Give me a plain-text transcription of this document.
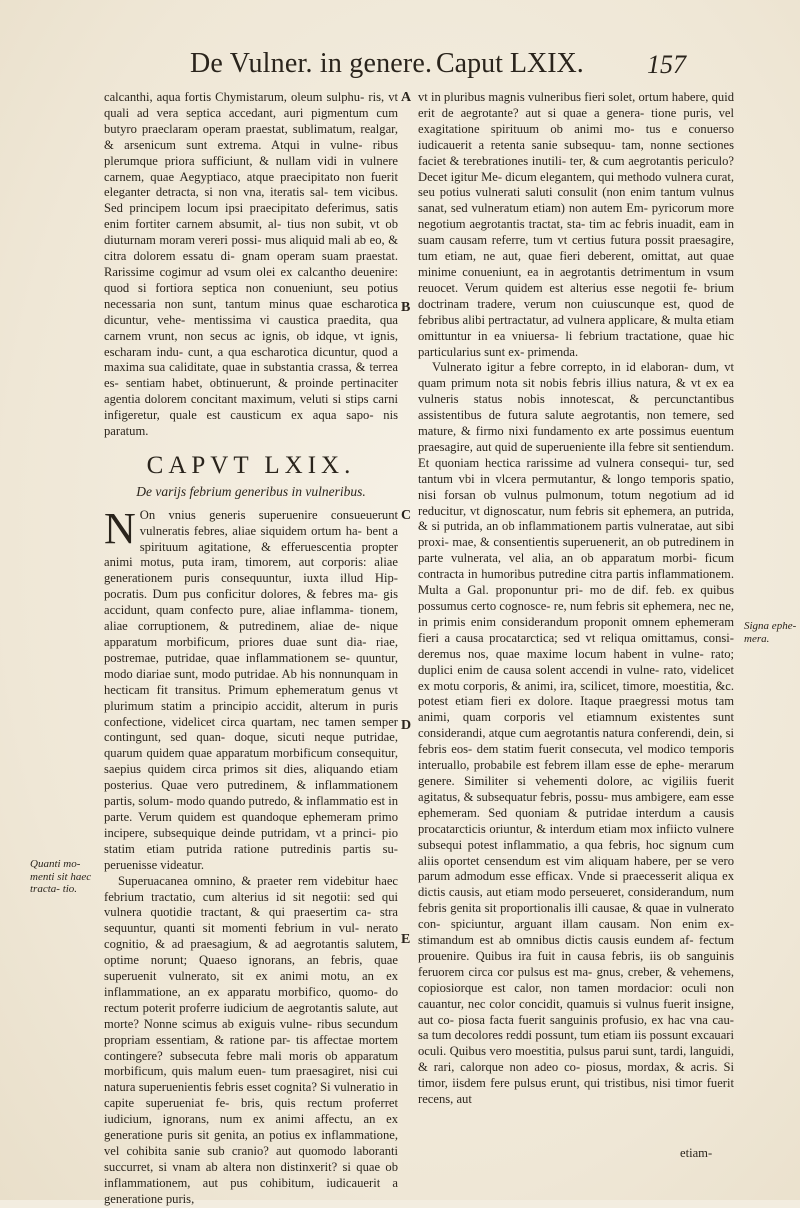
De Vulner. in genere. Caput LXIX. 157

calcanthi, aqua fortis Chymistarum, oleum sulphu- ris, vt quali ad vera septica accedant, auri pigmentum cum butyro praeclaram operam praestat, sublimatum, realgar, & arsenicum sunt extrema. Atqui in vulne- ribus plerumque priora sufficiunt, & nullam vidi in vulnere carnem, quae Aegyptiaco, atque praecipitato non fuerit eleganter detracta, si non vna, iteratis sal- tem vicibus. Sed principem locum ipsi praecipitato deferimus, satis enim fortiter carnem absumit, al- tius non subit, vt ob diuturnam moram vereri possi- mus aliquid mali ab eo, & citra dolorem essatu di- gnam operam suam praestat. Rarissime cogimur ad vsum olei ex calcantho deuenire: quod si fortiora septica non conueniunt, seu potius necessaria non sunt, tantum minus quae escharotica dicuntur, vehe- mentissima vi caustica praedita, qua carnem vrunt, non secus ac ignis, ob idque, vt ignis, escharam indu- cunt, a qua escharotica dicuntur, quod a maxima sua caliditate, quae in substantia crassa, & terrea es- sentiam habet, obtinuerunt, & proinde pertinaciter agentia dolorem concitant maximum, veluti si stips carni infigeretur, quale est causticum ex aqua sapo- nis paratum.

CAPVT LXIX.
De varijs febrium generibus in vulneribus.

N On vnius generis superuenire consueuerunt vulneratis febres, aliae siquidem ortum ha- bent a spirituum agitatione, & efferuescentia propter animi motus, puta iram, timorem, aut corporis: aliae generationem puris consequuntur, iuxta illud Hip- pocratis. Dum pus conficitur dolores, & febres ma- gis accidunt, quam confecto pure, aliae inflamma- tionem, aliae corruptionem, & putredinem, aliae de- nique apparatum morbificum, priores duae sunt dia- riae, postremae, putridae, quae inflammationem se- quuntur, modo diariae sunt, modo putridae. Ab his nonnunquam in hecticam fit transitus. Primum ephemeratum genus vt plurimum statim a principio accidit, alterum in puris confectione, videlicet circa quartam, nec tamen semper contingunt, sed quan- doque, sicuti neque putridae, quarum quidem quae apparatum morbificum consequitur, saepius quidem circa primos sit dies, aliquando etiam posterius. Quae vero putredinem, & inflammationem partis, solum- modo quando putredo, & inflammatio est in parte. Verum quidem est quandoque ephemeram primo incipere, subsequique deinde putridam, vt a princi- pio statim etiam putrida ratione putredinis partis su- peruenisse videatur.

Superuacanea omnino, & praeter rem videbitur haec febrium tractatio, cum alterius id sit negotii: sed qui vulnera quotidie tractant, & qui praesertim ca- stra sequuntur, quanti sit momenti febrium in vul- nerato cognitio, & ad praesagium, & ad aegrotantis salutem, optime norunt; Quaeso ignorans, an febris, quae superuenit vulnerato, sit ex animi motu, an ex inflammatione, an ex apparatu morbifico, quomo- do rectum poterit proferre iudicium de aegrotantis salute, aut morte? Nonne scimus ab exiguis vulne- ribus secundum propriam essentiam, & ratione par- tis affectae mortem contingere? subsecuta febre mali moris ob apparatum morbificum, quis malum euen- tum praesagiret, nisi cui natura superuenientis febris esset cognita? Si vulneratio in capite superueniat fe- bris, quis rectum proferret iudicium, ignorans, num ex animi affectu, an ex generatione puris sit genita, an potius ex inflammatione, vel cohibita sanie sub cranio? aut quomodo laboranti succurret, si vnam ab altera non distinxerit? si quae ob inflammationem, aut pus cohibitum, iudicauerit a generatione puris,

vt in pluribus magnis vulneribus fieri solet, ortum habere, quid erit de aegrotante? aut si quae a genera- tione puris, vel exagitatione spirituum ob animi mo- tus e conuerso iudicauerit a retenta sanie subsequu- tam, nonne sectiones faciet & terebrationes inutili- ter, & cum aegrotantis periculo? Decet igitur Me- dicum elegantem, qui methodo vulnera curat, seu potius vulnerati saluti consulit (non enim tantum vulnus sanat, sed vulneratum etiam) non autem Em- pyricorum more negotium aegrotantis tractat, sta- tim ac febris inuadit, eam in suam causam referre, tum vt certius futura possit praesagire, tum etiam, ne aut, quae fieri deberent, omittat, aut quae minime conueniunt, ea in aegrotantis detrimentum in vsum reuocet. Verum quidem est alterius esse negotii fe- brium doctrinam tradere, verum non cuiuscunque est, quod de febribus alibi pertractatur, ad vulnera applicare, & multa etiam omittuntur in ea vniuersa- li febrium tractatione, quae hic particularius sunt ex- primenda.

Vulnerato igitur a febre correpto, in id elaboran- dum, vt quam primum nota sit nobis febris illius natura, & vt ex ea vulneris status nobis innotescat, & percunctantibus assistentibus de futura salute aegrotantis, non temere, sed mature, & firmo nixi fundamento ex arte possimus euentum praesagire, aut quid de superueniente illa febre sit sentiendum. Et quoniam hectica rarissime ad vulnera consequi- tur, sed tantum vbi in vlcera permutantur, & longo temporis spatio, nisi forsan ob vulnus pulmonum, totum negotium ad id reducitur, vt dignoscatur, num febris sit ephemera, an putrida, & si putrida, an ob inflammationem partis vulneratae, aut sibi proxi- mae, & consentientis superuenerit, an ob putredinem in parte vulnerata, vel alia, an ob apparatum morbi- ficum contracta in humoribus putredine citra partis inflammationem. Multa a Gal. proponuntur pri- mo de dif. feb. ex quibus possumus certo cognosce- re, num febris sit ephemera, nec ne, in primis enim considerandum proponit omnem ephemeram fieri a causa procatarctica; sed vt reliqua omittamus, consi- deremus nos, quae maxime locum habent in vulne- rato; duplici enim de causa solent accendi in vulne- rato, videlicet ex motu corporis, & animi, ira, scilicet, timore, moestitia, &c. potest etiam fieri ex dolore. Itaque praegressi motus tam animi, quam corporis vel etiamnum existentes sunt considerandi, atque cum aegrotantis natura conferendi, dein, si febris eos- dem statim fuerit consecuta, vel modico temporis interuallo, probabile est febrem illam esse de ephe- merarum genere. Similiter si vehementi dolore, ac vigiliis fuerit agitatus, & subsequatur febris, possu- mus ambigere, eam esse ephemeram. Sed quoniam & putridae interdum a causis procatarcticis oriuntur, & interdum etiam mox infiicto vulnere subsequi potest inflammatio, a qua febris, hoc signum cum aliis oportet censendum est vim aliquam habere, per se vero parum admodum esse efficax. Vnde si praecesserit aliqua ex dictis causis, aut etiam modo perseueret, considerandum, num febris genita sit proportionalis illi causae, & quae in vulnerato con- spiciuntur, arguant illam causam. Non enim ex- stimandum est ab omnibus dictis causis eundem af- fectum prouenire. Quibus ira fuit in causa febris, iis ob sanguinis feruorem circa cor pulsus est ma- gnus, creber, & vehemens, copiosiorque est calor, non tamen mordacior: oculi non cauantur, nec color concidit, quamuis si vulnus fuerit insigne, aut co- piosa facta fuerit sanguinis profusio, ex hac vna cau- sa tum decolores reddi possunt, tum etiam iis possunt excauari oculi. Quibus vero moestitia, pulsus parui sunt, tardi, languidi, & rari, calorque non adeo co- piosus, mordax, & acris. Si timor, iisdem fere pulsus erunt, qui tristibus, nisi timor fuerit recens, aut

A
B
C
D
E
Quanti mo- menti sit haec tracta- tio.
Signa ephe- mera.
etiam-
